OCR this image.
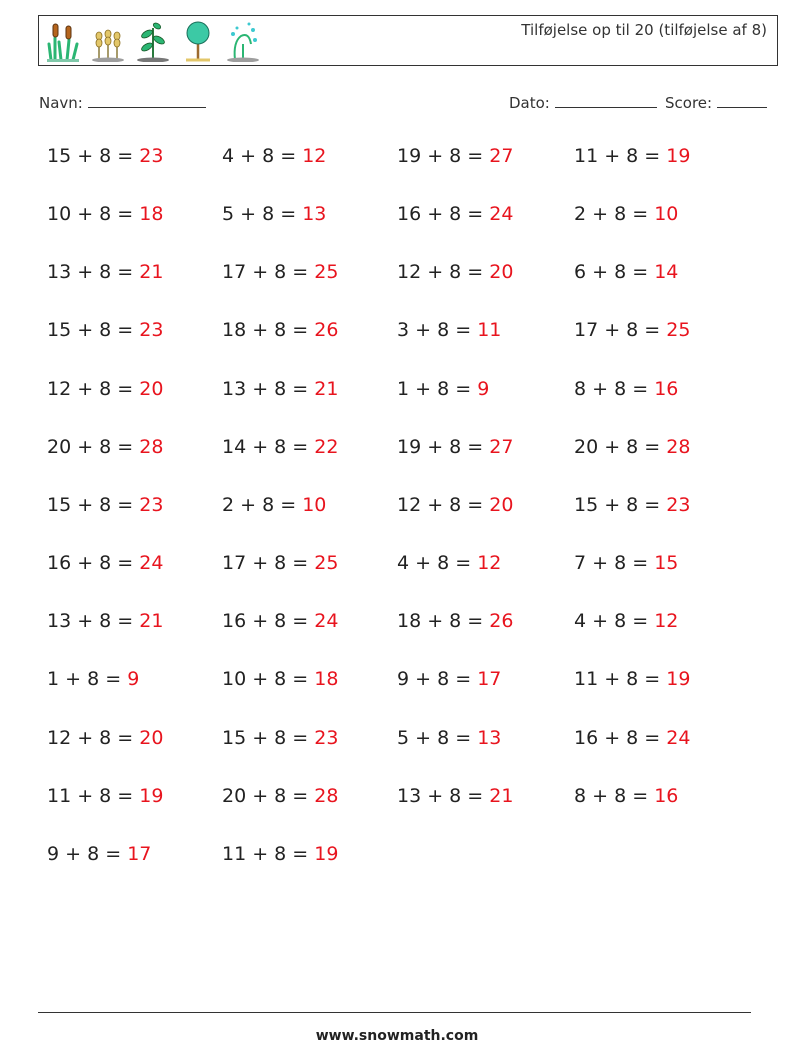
Tilføjelse op til 20 (tilføjelse af 8)
Navn:	Dato:	Score:
15 + 8 = 23	4 + 8 = 12	19 + 8 = 27	11 + 8 = 19
10 + 8 = 18	5 + 8 = 13	16 + 8 = 24	2 + 8 = 10
13 + 8 = 21	17 + 8 = 25	12 + 8 = 20	6 + 8 = 14
15 + 8 = 23	18 + 8 = 26	3 + 8 = 11	17 + 8 = 25
12 + 8 = 20	13 + 8 = 21	1 + 8 = 9	8 + 8 = 16
20 + 8 = 28	14 + 8 = 22	19 + 8 = 27	20 + 8 = 28
15 + 8 = 23	2 + 8 = 10	12 + 8 = 20	15 + 8 = 23
16 + 8 = 24	17 + 8 = 25	4 + 8 = 12	7 + 8 = 15
13 + 8 = 21	16 + 8 = 24	18 + 8 = 26	4 + 8 = 12
1 + 8 = 9	10 + 8 = 18	9 + 8 = 17	11 + 8 = 19
12 + 8 = 20	15 + 8 = 23	5 + 8 = 13	16 + 8 = 24
11 + 8 = 19	20 + 8 = 28	13 + 8 = 21	8 + 8 = 16
9 + 8 = 17	11 + 8 = 19
www.snowmath.com
